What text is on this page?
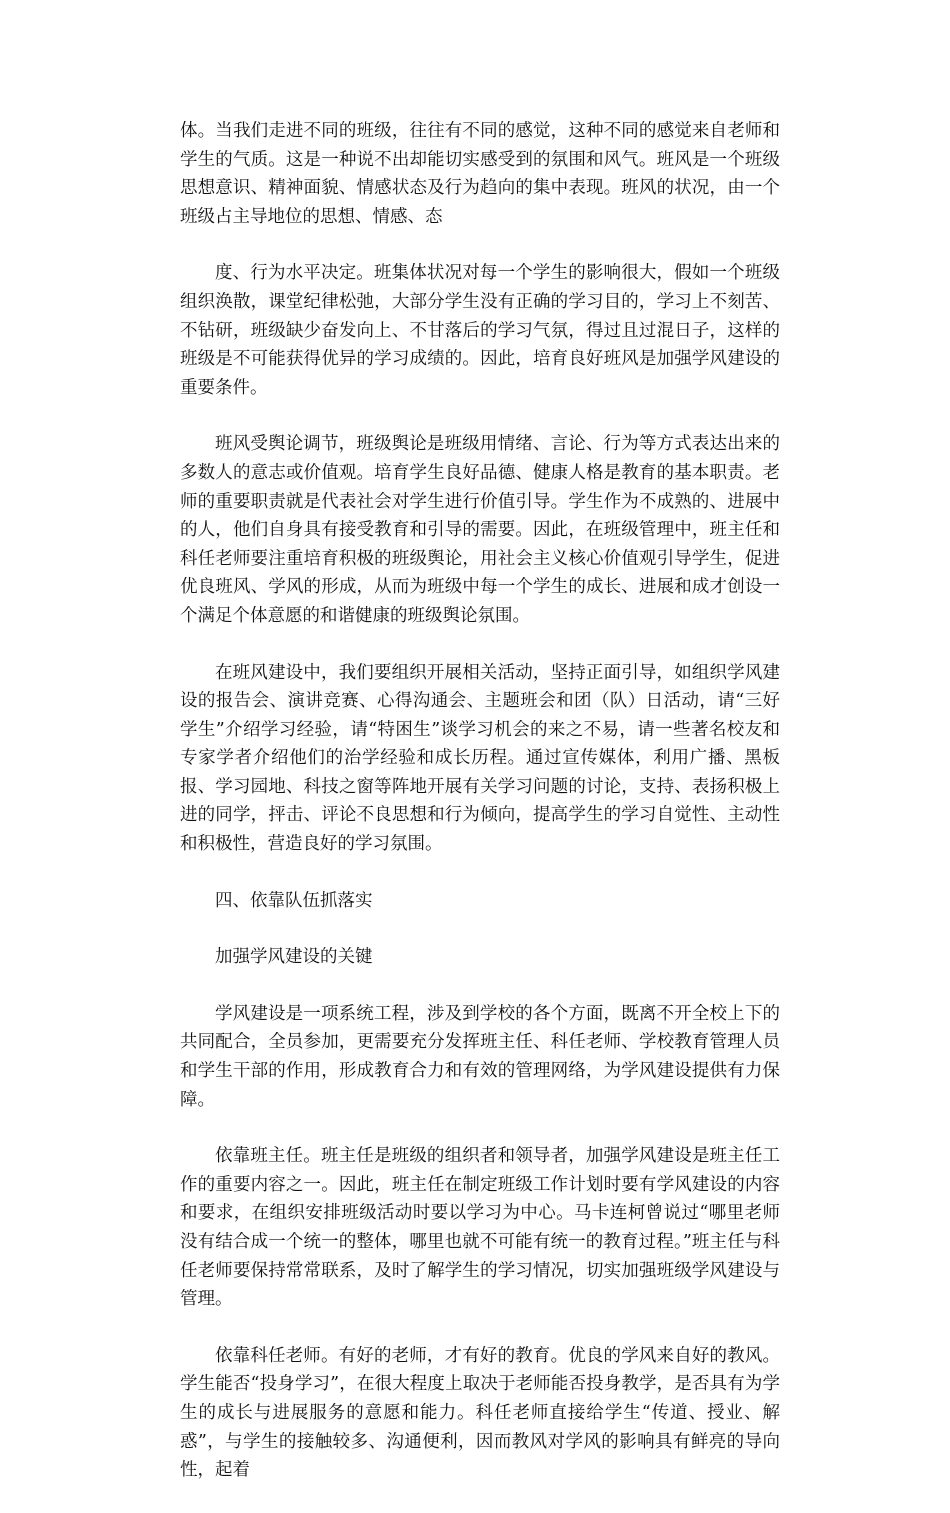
体。当我们走进不同的班级，往往有不同的感觉，这种不同的感觉来自老师和学生的气质。这是一种说不出却能切实感受到的氛围和风气。班风是一个班级思想意识、精神面貌、情感状态及行为趋向的集中表现。班风的状况，由一个班级占主导地位的思想、情感、态

度、行为水平决定。班集体状况对每一个学生的影响很大，假如一个班级组织涣散，课堂纪律松弛，大部分学生没有正确的学习目的，学习上不刻苦、不钻研，班级缺少奋发向上、不甘落后的学习气氛，得过且过混日子，这样的班级是不可能获得优异的学习成绩的。因此，培育良好班风是加强学风建设的重要条件。

班风受舆论调节，班级舆论是班级用情绪、言论、行为等方式表达出来的多数人的意志或价值观。培育学生良好品德、健康人格是教育的基本职责。老师的重要职责就是代表社会对学生进行价值引导。学生作为不成熟的、进展中的人，他们自身具有接受教育和引导的需要。因此，在班级管理中，班主任和科任老师要注重培育积极的班级舆论，用社会主义核心价值观引导学生，促进优良班风、学风的形成，从而为班级中每一个学生的成长、进展和成才创设一个满足个体意愿的和谐健康的班级舆论氛围。

在班风建设中，我们要组织开展相关活动，坚持正面引导，如组织学风建设的报告会、演讲竞赛、心得沟通会、主题班会和团（队）日活动，请“三好学生”介绍学习经验，请“特困生”谈学习机会的来之不易，请一些著名校友和专家学者介绍他们的治学经验和成长历程。通过宣传媒体，利用广播、黑板报、学习园地、科技之窗等阵地开展有关学习问题的讨论，支持、表扬积极上进的同学，抨击、评论不良思想和行为倾向，提高学生的学习自觉性、主动性和积极性，营造良好的学习氛围。

四、依靠队伍抓落实

加强学风建设的关键

学风建设是一项系统工程，涉及到学校的各个方面，既离不开全校上下的共同配合，全员参加，更需要充分发挥班主任、科任老师、学校教育管理人员和学生干部的作用，形成教育合力和有效的管理网络，为学风建设提供有力保障。

依靠班主任。班主任是班级的组织者和领导者，加强学风建设是班主任工作的重要内容之一。因此，班主任在制定班级工作计划时要有学风建设的内容和要求，在组织安排班级活动时要以学习为中心。马卡连柯曾说过“哪里老师没有结合成一个统一的整体，哪里也就不可能有统一的教育过程。”班主任与科任老师要保持常常联系，及时了解学生的学习情况，切实加强班级学风建设与管理。

依靠科任老师。有好的老师，才有好的教育。优良的学风来自好的教风。学生能否“投身学习”，在很大程度上取决于老师能否投身教学，是否具有为学生的成长与进展服务的意愿和能力。科任老师直接给学生“传道、授业、解惑”，与学生的接触较多、沟通便利，因而教风对学风的影响具有鲜亮的导向性，起着
